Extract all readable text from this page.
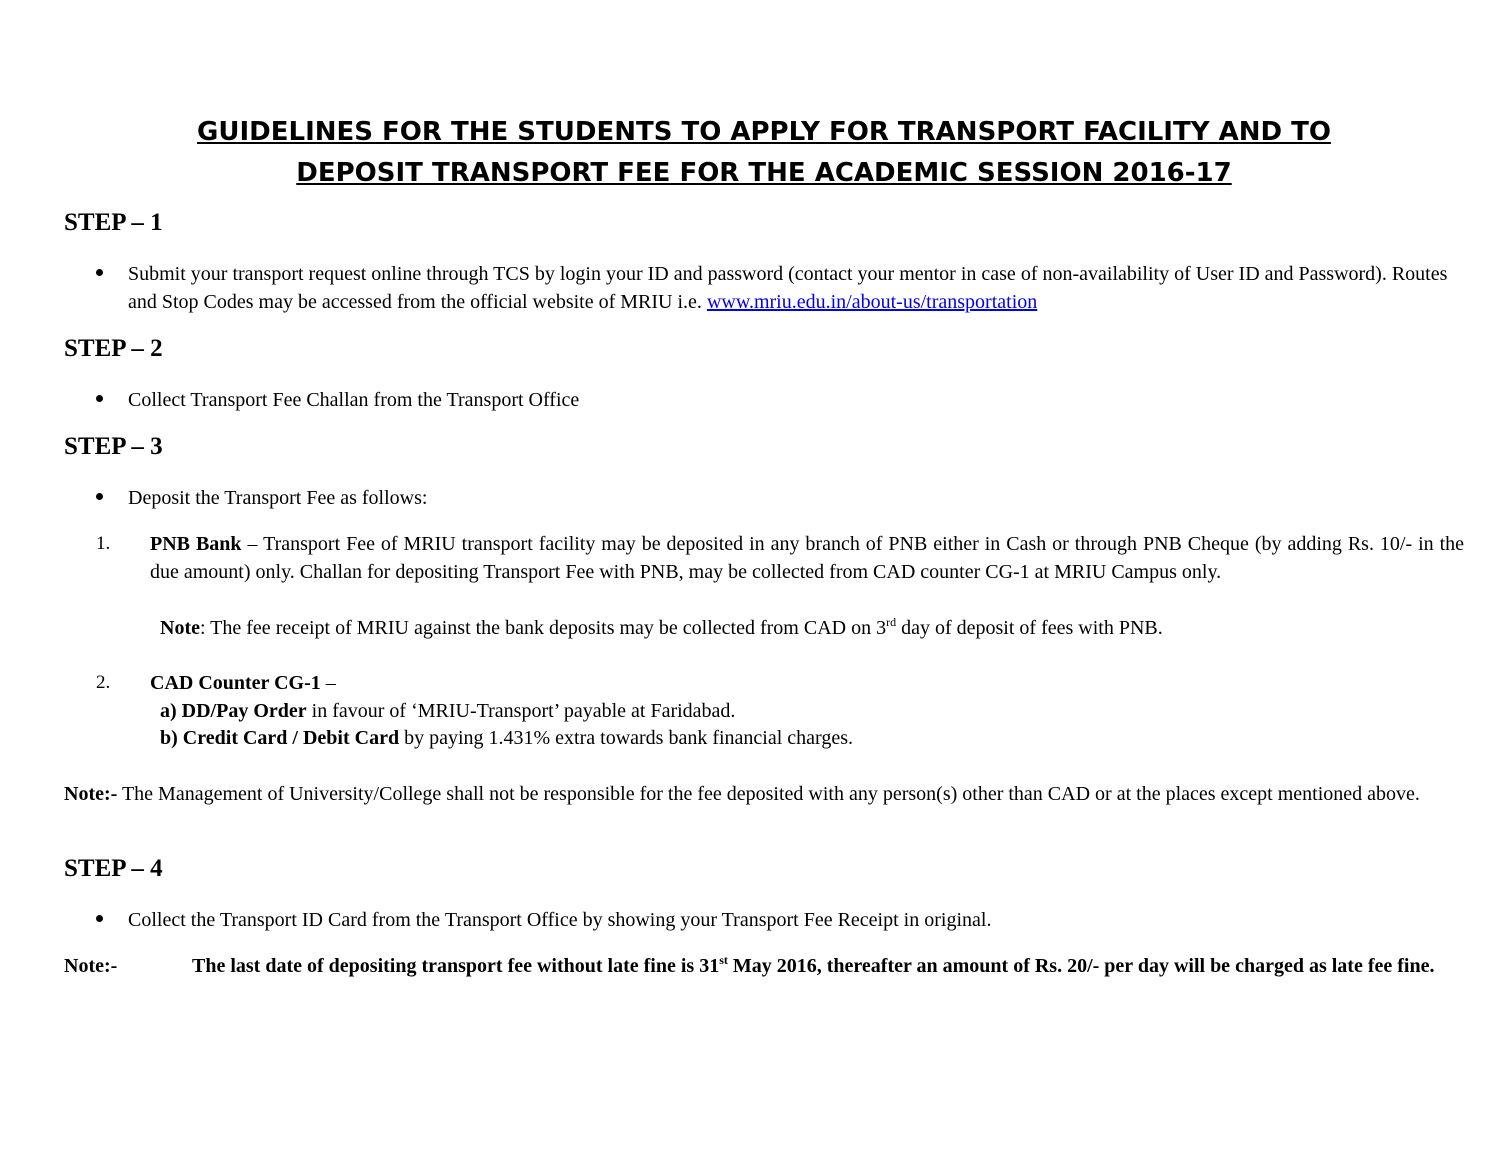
GUIDELINES FOR THE STUDENTS TO APPLY FOR TRANSPORT FACILITY AND TO
DEPOSIT TRANSPORT FEE FOR THE ACADEMIC SESSION 2016-17
STEP – 1
Submit your transport request online through TCS by login your ID and password (contact your mentor in case of non-availability of User ID and Password). Routes and Stop Codes may be accessed from the official website of MRIU i.e. www.mriu.edu.in/about-us/transportation
STEP – 2
Collect Transport Fee Challan from the Transport Office
STEP – 3
Deposit the Transport Fee as follows:
1. PNB Bank – Transport Fee of MRIU transport facility may be deposited in any branch of PNB either in Cash or through PNB Cheque (by adding Rs. 10/- in the due amount) only. Challan for depositing Transport Fee with PNB, may be collected from CAD counter CG-1 at MRIU Campus only.
Note: The fee receipt of MRIU against the bank deposits may be collected from CAD on 3rd day of deposit of fees with PNB.
2. CAD Counter CG-1 –
a) DD/Pay Order in favour of ‘MRIU-Transport’ payable at Faridabad.
b) Credit Card / Debit Card by paying 1.431% extra towards bank financial charges.
Note:- The Management of University/College shall not be responsible for the fee deposited with any person(s) other than CAD or at the places except mentioned above.
STEP – 4
Collect the Transport ID Card from the Transport Office by showing your Transport Fee Receipt in original.
Note:-	The last date of depositing transport fee without late fine is 31st May 2016, thereafter an amount of Rs. 20/- per day will be charged as late fee fine.
